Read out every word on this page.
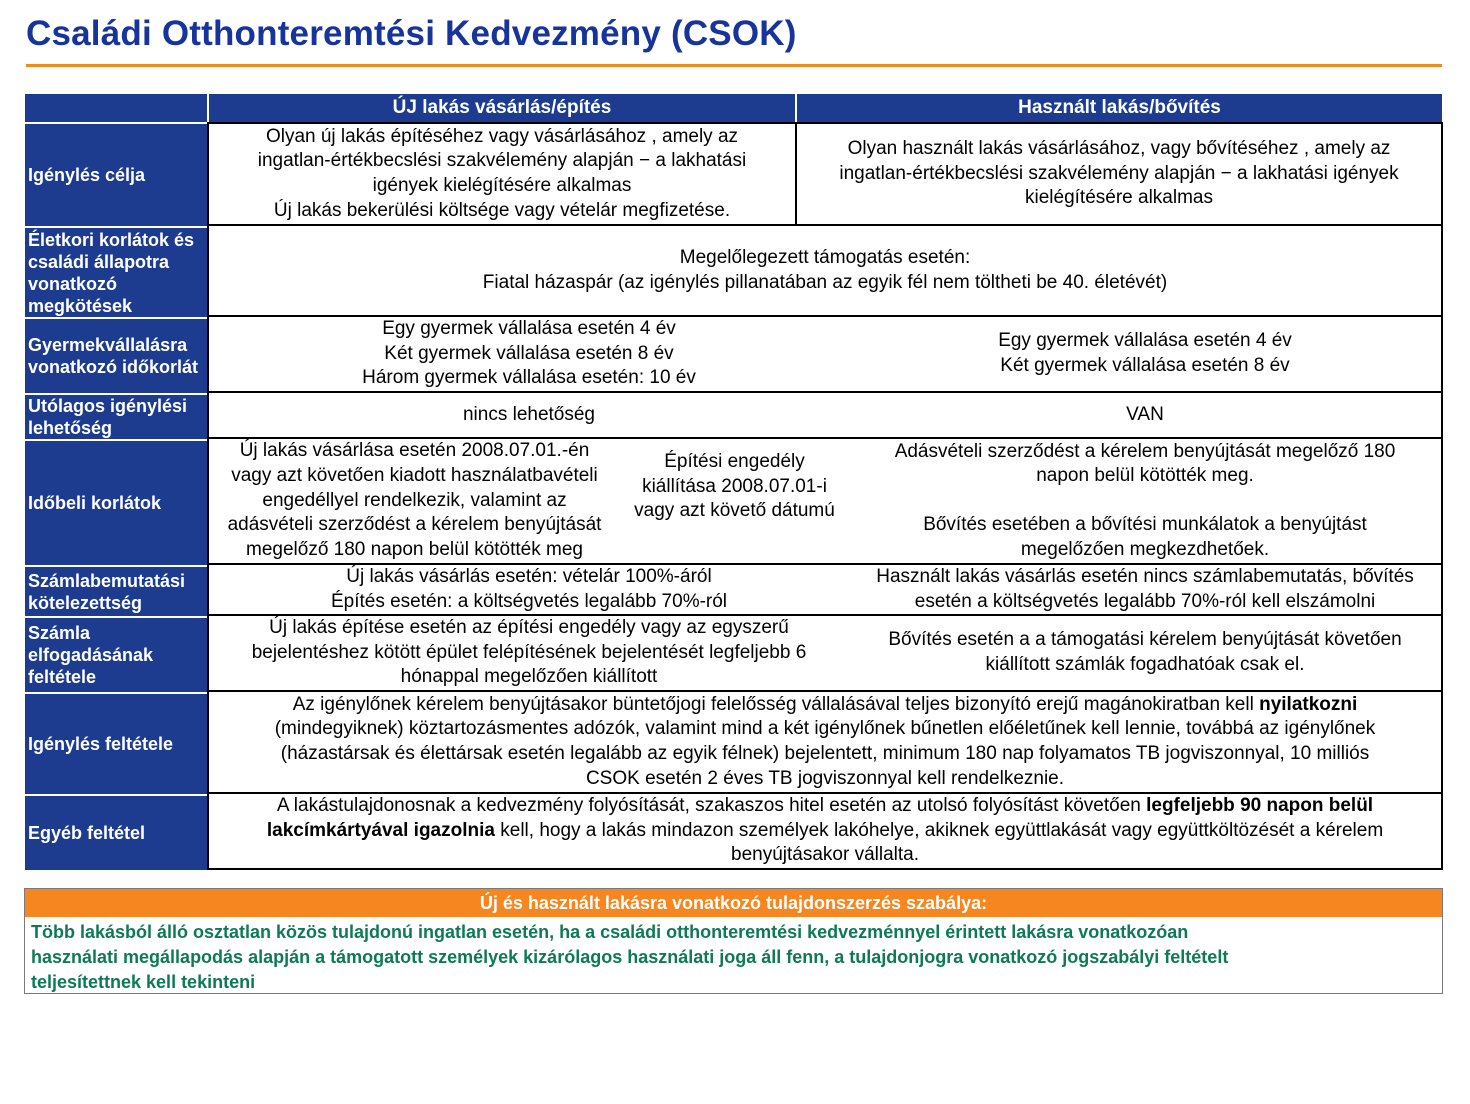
Családi Otthonteremtési Kedvezmény (CSOK)
ÚJ lakás vásárlás/építés	Használt lakás/bővítés
Igénylés célja
Életkori korlátok és családi állapotra vonatkozó megkötések
Gyermekvállalásra vonatkozó időkorlát
Utólagos igénylési lehetőség
Időbeli korlátok
Számlabemutatási kötelezettség
Számla elfogadásának feltétele
Igénylés feltétele
Egyéb feltétel
Olyan új lakás építéséhez vagy vásárlásához , amely az
ingatlan-értékbecslési szakvélemény alapján − a lakhatási
igények kielégítésére alkalmas
Új lakás bekerülési költsége vagy vételár megfizetése.
Olyan használt lakás vásárlásához, vagy bővítéséhez , amely az
ingatlan-értékbecslési szakvélemény alapján − a lakhatási igények
kielégítésére alkalmas
Megelőlegezett támogatás esetén:
Fiatal házaspár (az igénylés pillanatában az egyik fél nem töltheti be 40. életévét)
Egy gyermek vállalása esetén 4 év
Két gyermek vállalása esetén 8 év
Három gyermek vállalása esetén: 10 év
Egy gyermek vállalása esetén 4 év
Két gyermek vállalása esetén 8 év
nincs lehetőség	VAN
Új lakás vásárlása esetén 2008.07.01.-én
vagy azt követően kiadott használatbavételi
engedéllyel rendelkezik, valamint az
adásvételi szerződést a kérelem benyújtását
megelőző 180 napon belül kötötték meg
Építési engedély
kiállítása 2008.07.01-i
vagy azt követő dátumú
Adásvételi szerződést a kérelem benyújtását megelőző 180
napon belül kötötték meg.
Bővítés esetében a bővítési munkálatok a benyújtást
megelőzően megkezdhetőek.
Új lakás vásárlás esetén: vételár 100%-áról
Építés esetén: a költségvetés legalább 70%-ról
Használt lakás vásárlás esetén nincs számlabemutatás, bővítés
esetén a költségvetés legalább 70%-ról kell elszámolni
Új lakás építése esetén az építési engedély vagy az egyszerű
bejelentéshez kötött épület felépítésének bejelentését legfeljebb 6
hónappal megelőzően kiállított
Bővítés esetén a a támogatási kérelem benyújtását követően
kiállított számlák fogadhatóak csak el.
Az igénylőnek kérelem benyújtásakor büntetőjogi felelősség vállalásával teljes bizonyító erejű magánokiratban kell nyilatkozni
(mindegyiknek) köztartozásmentes adózók, valamint mind a két igénylőnek bűnetlen előéletűnek kell lennie, továbbá az igénylőnek
(házastársak és élettársak esetén legalább az egyik félnek) bejelentett, minimum 180 nap folyamatos TB jogviszonnyal, 10 milliós
CSOK esetén 2 éves TB jogviszonnyal kell rendelkeznie.
A lakástulajdonosnak a kedvezmény folyósítását, szakaszos hitel esetén az utolsó folyósítást követően legfeljebb 90 napon belül
lakcímkártyával igazolnia kell, hogy a lakás mindazon személyek lakóhelye, akiknek együttlakását vagy együttköltözését a kérelem
benyújtásakor vállalta.
Új és használt lakásra vonatkozó tulajdonszerzés szabálya:
Több lakásból álló osztatlan közös tulajdonú ingatlan esetén, ha a családi otthonteremtési kedvezménnyel érintett lakásra vonatkozóan
használati megállapodás alapján a támogatott személyek kizárólagos használati joga áll fenn, a tulajdonjogra vonatkozó jogszabályi feltételt
teljesítettnek kell tekinteni
